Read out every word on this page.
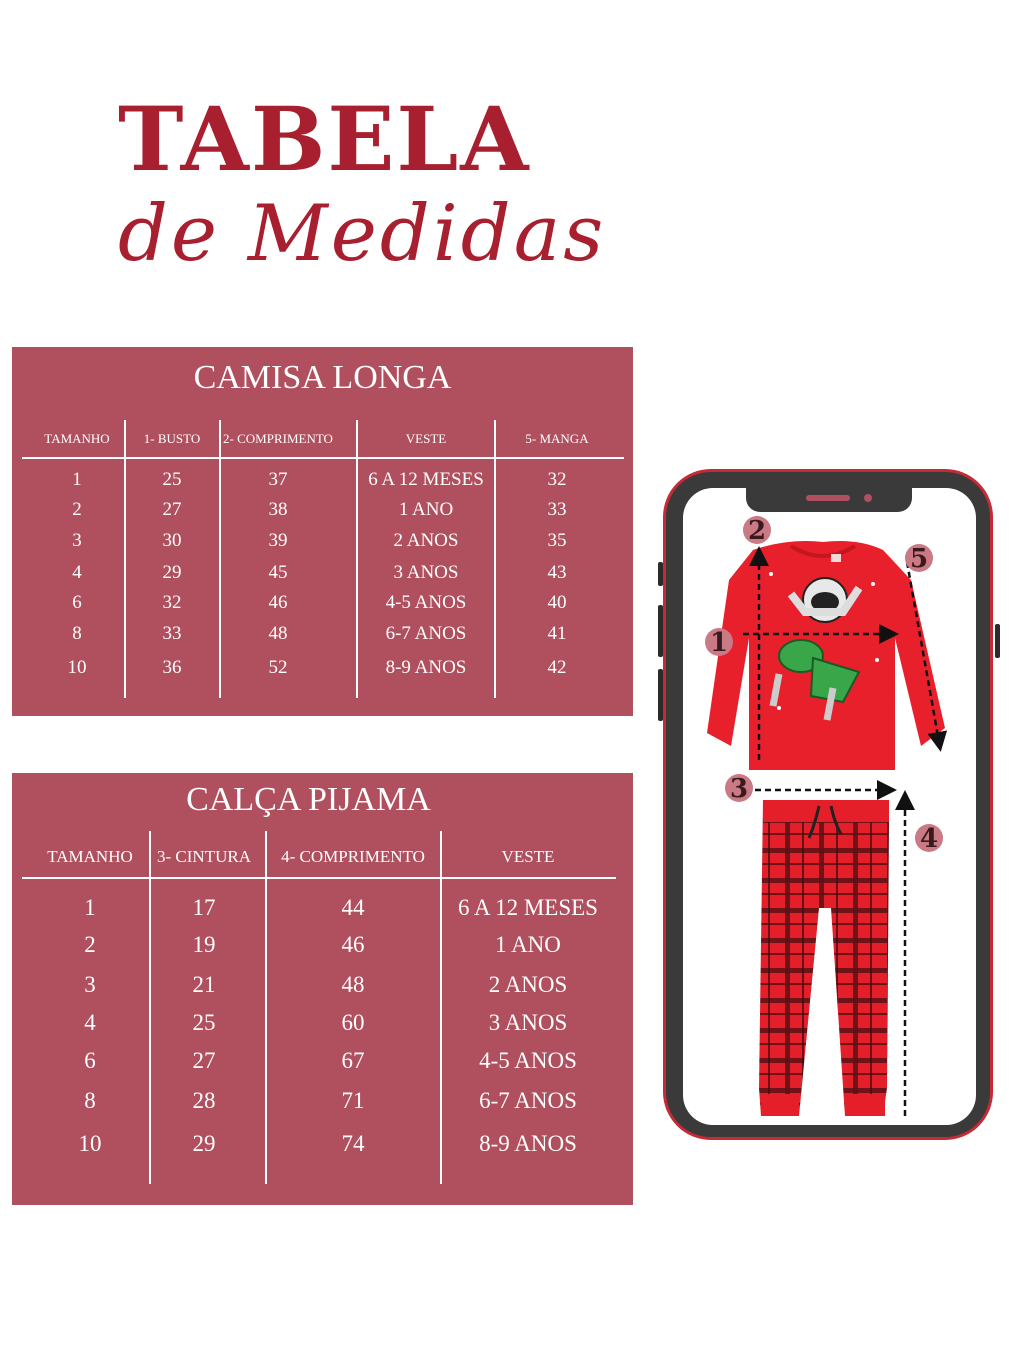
TABELA
de Medidas
CAMISA LONGA
TAMANHO	1- BUSTO	2- COMPRIMENTO	VESTE	5- MANGA
1	25	37	6 A 12 MESES	32
2	27	38	1 ANO	33
3	30	39	2 ANOS	35
4	29	45	3 ANOS	43
6	32	46	4-5 ANOS	40
8	33	48	6-7 ANOS	41
10	36	52	8-9 ANOS	42
CALÇA PIJAMA
TAMANHO	3- CINTURA	4- COMPRIMENTO	VESTE
1	17	44	6 A 12 MESES
2	19	46	1 ANO
3	21	48	2 ANOS
4	25	60	3 ANOS
6	27	67	4-5 ANOS
8	28	71	6-7 ANOS
10	29	74	8-9 ANOS
1
2
3
4
5
